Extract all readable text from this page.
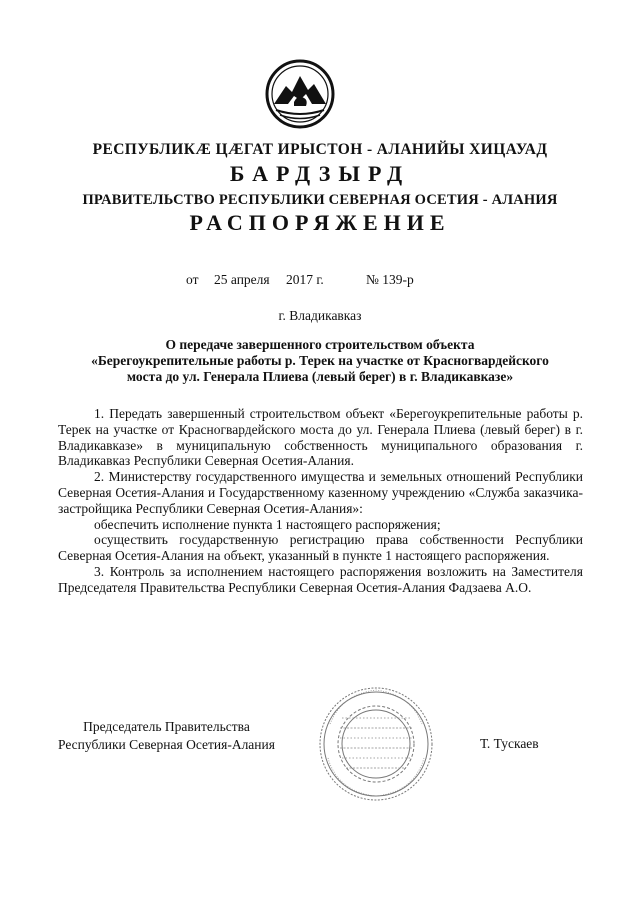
РЕСПУБЛИКÆ ЦÆГАТ ИРЫСТОН - АЛАНИЙЫ ХИЦАУАД
БАРДЗЫРД
ПРАВИТЕЛЬСТВО РЕСПУБЛИКИ СЕВЕРНАЯ ОСЕТИЯ - АЛАНИЯ
РАСПОРЯЖЕНИЕ
от 25 апреля 2017 г.	№ 139-р
г. Владикавказ
О передаче завершенного строительством объекта
«Берегоукрепительные работы р. Терек на участке от Красногвардейского
моста до ул. Генерала Плиева (левый берег) в г. Владикавказе»

1. Передать завершенный строительством объект «Берегоукрепительные работы р. Терек на участке от Красногвардейского моста до ул. Генерала Плиева (левый берег) в г. Владикавказе» в муниципальную собственность муниципального образования г. Владикавказ Республики Северная Осетия-Алания.

2. Министерству государственного имущества и земельных отношений Республики Северная Осетия-Алания и Государственному казенному учреждению «Служба заказчика-застройщика Республики Северная Осетия-Алания»:

обеспечить исполнение пункта 1 настоящего распоряжения;

осуществить государственную регистрацию права собственности Республики Северная Осетия-Алания на объект, указанный в пункте 1 настоящего распоряжения.

3. Контроль за исполнением настоящего распоряжения возложить на Заместителя Председателя Правительства Республики Северная Осетия-Алания Фадзаева А.О.

Председатель Правительства
Республики Северная Осетия-Алания	Т. Тускаев
